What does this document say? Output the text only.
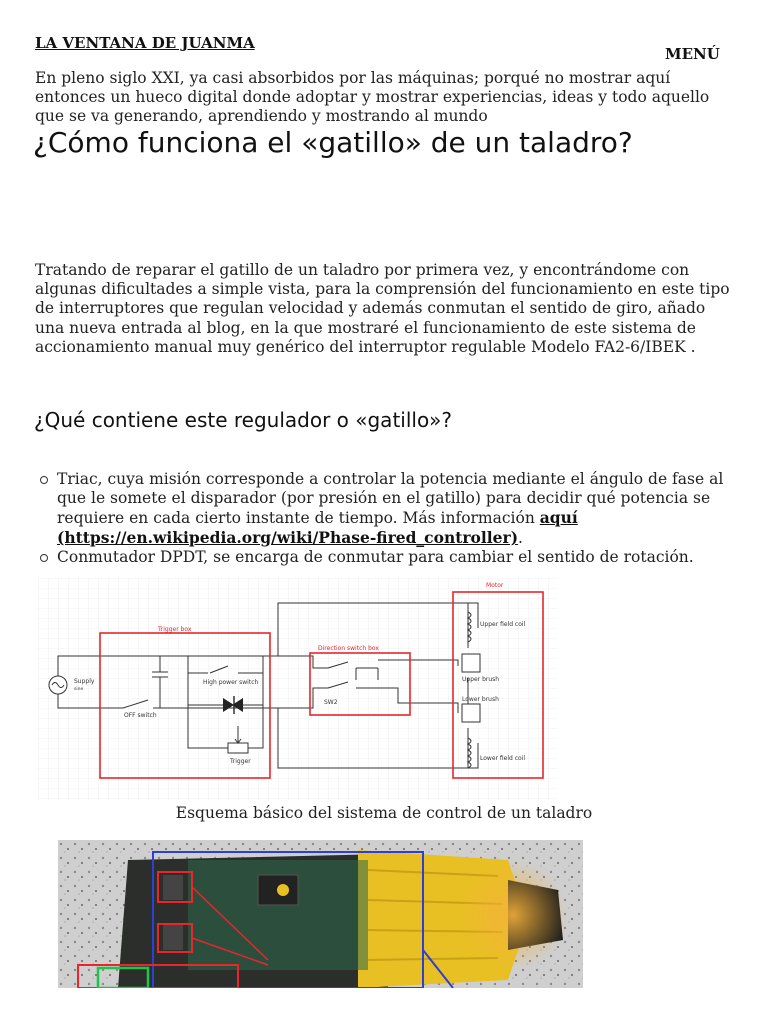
LA VENTANA DE JUANMA
MENÚ

En pleno siglo XXI, ya casi absorbidos por las máquinas; porqué no mostrar aquí entonces un hueco digital donde adoptar y mostrar experiencias, ideas y todo aquello que se va generando, aprendiendo y mostrando al mundo

¿Cómo funciona el «gatillo» de un taladro?

Tratando de reparar el gatillo de un taladro por primera vez, y encontrándome con algunas dificultades a simple vista, para la comprensión del funcionamiento en este tipo de interruptores que regulan velocidad y además conmutan el sentido de giro, añado una nueva entrada al blog, en la que mostraré el funcionamiento de este sistema de accionamiento manual muy genérico del interruptor regulable Modelo FA2-6/IBEK .

¿Qué contiene este regulador o «gatillo»?
Triac, cuya misión corresponde a controlar la potencia mediante el ángulo de fase al que le somete el disparador (por presión en el gatillo) para decidir qué potencia se requiere en cada cierto instante de tiempo. Más información aquí (https://en.wikipedia.org/wiki/Phase-fired_controller).
Conmutador DPDT, se encarga de conmutar para cambiar el sentido de rotación.
Motor
Trigger box
Direction switch box
Supply
sine
High power switch
OFF switch
Trigger
SW2
Upper field coil
Upper brush
Lower brush
Lower field coil
Esquema básico del sistema de control de un taladro
